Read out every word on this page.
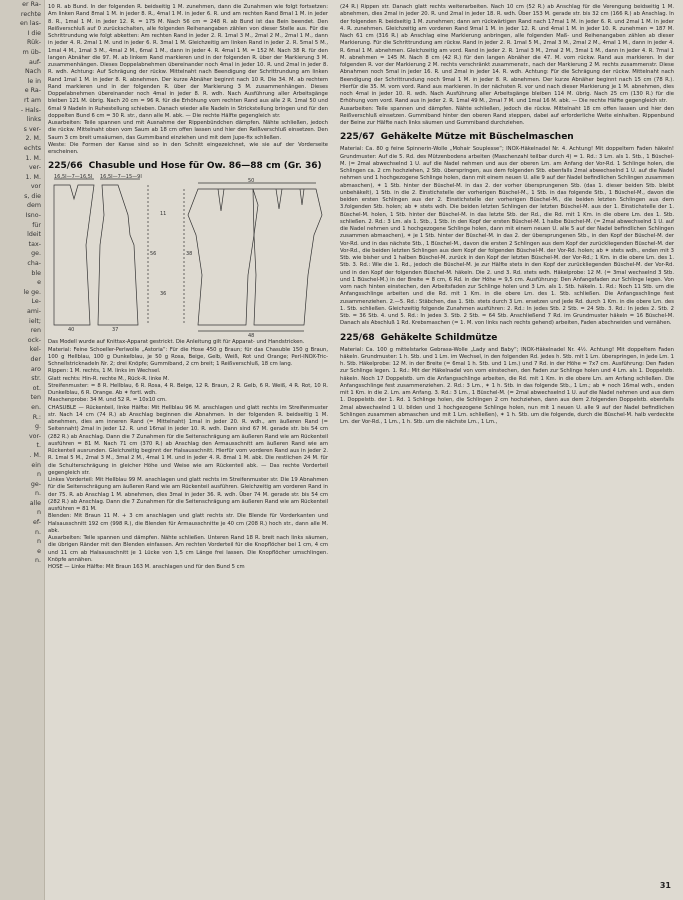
er Ra-
rechte
en las-
I die
Rük-
m üb-
auf-
Nach
le in
e Ra-
rt am
- Hals-
links
s ver-
2. M.
echts
1. M.
ver-
1. M.
vor
s, die
dem
Isno-
für
ldeit
tax-
ge.
cha-
ble
e
le ge.
Le-
ami-
ielt;
ren
ock-
kel-
der
aro
str.
ot.
ten
en.
R.:
g.
vor-
t.
. M.
ein
n
ge-
n.
alle
n
ef-
n.
n
e
n.

10 R. ab Bund. In der folgenden R. beidseitig 1 M. zunehmen, dann die Zunahmen wie folgt fortsetzen: Am linken Rand 8mal 1 M. in jeder 8. R., 4mal 1 M. in jeder 6. R. und am rechten Rand 8mal 1 M. in jeder 8. R., 1mal 1 M. in jeder 12. R. = 175 M. Nach 56 cm = 248 R. ab Bund ist das Bein beendet. Den Reißverschluß auf 0 zurückschalten, alle folgenden Reihenangaben zählen von dieser Stelle aus. Für die Schrittrundung wie folgt abketten: Am rechten Rand in jeder 2. R. 1mal 3 M., 2mal 2 M., 2mal 1 M., dann in jeder 4. R. 2mal 1 M. und in jeder 6. R. 3mal 1 M. Gleichzeitig am linken Rand in jeder 2. R. 5mal 5 M., 1mal 4 M., 1mal 3 M., 4mal 2 M., 6mal 1 M., dann in jeder 4. R. 4mal 1 M. = 152 M. Nach 38 R. für den langen Abnäher die 97. M. ab linkem Rand markieren und in der folgenden R. über der Markierung 3 M. zusammenhängen. Dieses Doppelabnehmen übereinander noch 4mal in jeder 10. R. und 2mal in jeder 8. R. wdh. Achtung: Auf Schrägung der rückw. Mittelnaht nach Beendigung der Schrittrundung am linken Rand 1mal 1 M. in jeder 8. R. abnehmen. Der kurze Abnäher beginnt nach 10 R. Die 34. M. ab rechtem Rand markieren und in der folgenden R. über der Markierung 3 M. zusammenhängen. Dieses Doppelabnehmen übereinander noch 4mal in jeder 8. R. wdh. Nach Ausführung aller Arbeitsgänge bleiben 121 M. übrig. Nach 20 cm = 96 R. für die Erhöhung vom rechten Rand aus alle 2 R. 1mal 50 und 6mal 9 Nadeln in Ruhestellung schieben. Danach wieder alle Nadeln in Strickstellung bringen und für den doppelten Bund 6 cm = 30 R. str., dann alle M. abk. — Die rechte Hälfte gegengleich str.

Ausarbeiten: Teile spannen und mit Ausnahme der Rippenbündchen dämpfen. Nähte schließen, jedoch die rückw. Mittelnaht oben vom Saum ab 18 cm offen lassen und hier den Reißverschluß einsetzen. Den Saum 3 cm breit umsäumen, das Gummiband einziehen und mit dem Jupe-fix schließen.

Weste: Die Formen der Kanse sind so in den Schnitt eingezeichnet, wie sie auf der Vorderseite erscheinen.

225/66 Chasuble und Hose für Ow. 86—88 cm (Gr. 36)
16,5I—7—16,5I 16,5I—7—15—9I
56
48
38
40	37
11
50
36

Das Modell wurde auf Knittax-Apparat gestrickt. Die Anleitung gilt für Apparat- und Handstricken.

Material: Feine Schoeller-Perlwolle „Astoria“: Für die Hose 450 g Braun; für das Chasuble 150 g Braun, 100 g Hellblau, 100 g Dunkelblau, je 50 g Rosa, Beige, Gelb, Weiß, Rot und Orange; Perl-INOX-Tric-Schnellstricknadeln Nr. 2; drei Knöpfe; Gummiband, 2 cm breit; 1 Reißverschluß, 18 cm lang.

Rippen: 1 M. rechts, 1 M. links im Wechsel.

Glatt rechts: Hin-R. rechte M., Rück-R. linke M.

Streifenmuster: = 8 R. Hellblau, 6 R. Rosa, 4 R. Beige, 12 R. Braun, 2 R. Gelb, 6 R. Weiß, 4 R. Rot, 10 R. Dunkelblau, 6 R. Orange. Ab ✶ fortl. wdh.

Maschenprobe: 34 M. und 52 R. = 10x10 cm.

CHASUBLE — Rückenteil, linke Hälfte: Mit Hellblau 96 M. anschlagen und glatt rechts im Streifenmuster str. Nach 14 cm (74 R.) ab Anschlag beginnen die Abnahmen. In der folgenden R. beidseitig 1 M. abnehmen, dies am inneren Rand (= Mittelnaht) 1mal in jeder 20. R. wdh., am äußeren Rand (= Seitennaht) 2mal in jeder 12. R. und 16mal in jeder 10. R. wdh. Dann sind 67 M. gerade str. bis 54 cm (282 R.) ab Anschlag. Dann die 7 Zunahmen für die Seitenschrägung am äußeren Rand wie am Rückenteil ausführen = 81 M. Nach 71 cm (370 R.) ab Anschlag den Armausschnitt am äußeren Rand wie am Rückenteil ausrunden. Gleichzeitig beginnt der Halsausschnitt. Hierfür vom vorderen Rand aus in jeder 2. R. 1mal 5 M., 2mal 3 M., 3mal 2 M., 4mal 1 M. und in jeder 4. R. 8mal 1 M. abk. Die restlichen 24 M. für die Schulterschrägung in gleicher Höhe und Weise wie am Rückenteil abk. — Das rechte Vorderteil gegengleich str.

Linkes Vorderteil: Mit Hellblau 99 M. anschlagen und glatt rechts im Streifenmuster str. Die 19 Abnahmen für die Seitenschrägung am äußeren Rand wie am Rückenteil ausführen. Gleichzeitig am vorderen Rand in der 75. R. ab Anschlag 1 M. abnehmen, dies 3mal in jeder 36. R. wdh. Über 74 M. gerade str. bis 54 cm (282 R.) ab Anschlag. Dann die 7 Zunahmen für die Seitenschrägung am äußeren Rand wie am Rückenteil ausführen = 81 M.

Blenden: Mit Braun 11 M. + 3 cm anschlagen und glatt rechts str. Die Blende für Vorderkanten und Halsausschnitt 192 cm (998 R.), die Blenden für Armausschnitte je 40 cm (208 R.) hoch str., dann alle M. abk.

Ausarbeiten: Teile spannen und dämpfen. Nähte schließen. Unteren Rand 18 R. breit nach links säumen, die übrigen Ränder mit den Blenden einfassen. Am rechten Vorderteil für die Knopflöcher bei 1 cm, 4 cm und 11 cm ab Halsausschnitt je 1 Lücke von 1,5 cm Länge frei lassen. Die Knopflöcher umschlingen. Knöpfe annähen.

HOSE — Linke Hälfte: Mit Braun 163 M. anschlagen und für den Bund 5 cm

(24 R.) Rippen str. Danach glatt rechts weiterarbeiten. Nach 10 cm (52 R.) ab Anschlag für die Verengung beidseitig 1 M. abnehmen, dies 2mal in jeder 20. R. und 2mal in jeder 18. R. wdh. Über 153 M. gerade str. bis 32 cm (166 R.) ab Anschlag. In der folgenden R. beidseitig 1 M. zunehmen; dann am rückwärtigen Rand nach 17mal 1 M. in jeder 6. R. und 2mal 1 M. in jeder 4. R. zunehmen. Gleichzeitig am vorderen Rand 9mal 1 M. in jeder 12. R. und 4mal 1 M. in jeder 10. R. zunehmen = 187 M. Nach 61 cm (316 R.) ab Anschlag eine Markierung anbringen, alle folgenden Maß- und Reihenangaben zählen ab dieser Markierung. Für die Schrittrundung am rückw. Rand in jeder 2. R. 1mal 5 M., 2mal 3 M., 2mal 2 M., 4mal 1 M., dann in jeder 4. R. 6mal 1 M. abnehmen. Gleichzeitig am vord. Rand in jeder 2. R. 1mal 3 M., 2mal 2 M., 3mal 1 M., dann in jeder 4. R. 7mal 1 M. abnehmen = 145 M. Nach 8 cm (42 R.) für den langen Abnäher die 47. M. vom rückw. Rand aus markieren. In der folgenden R. vor der Markierung 2 M. rechts verschränkt zusammenstr., nach der Markierung 2 M. rechts zusammenstr. Diese Abnahmen noch 5mal in jeder 16. R. und 2mal in jeder 14. R. wdh. Achtung: Für die Schrägung der rückw. Mittelnaht nach Beendigung der Schrittrundung noch 9mal 1 M. in jeder 8. R. abnehmen. Der kurze Abnäher beginnt nach 15 cm (78 R.). Hierfür die 35. M. vom vord. Rand aus markieren. In der nächsten R. vor und nach dieser Markierung je 1 M. abnehmen, dies noch 4mal in jeder 10. R. wdh. Nach Ausführung aller Arbeitsgänge bleiben 114 M. übrig. Nach 25 cm (130 R.) für die Erhöhung vom vord. Rand aus in jeder 2. R. 1mal 49 M., 2mal 7 M. und 1mal 16 M. abk. — Die rechte Hälfte gegengleich str.

Ausarbeiten: Teile spannen und dämpfen. Nähte schließen, jedoch die rückw. Mittelnaht 18 cm offen lassen und hier den Reißverschluß einsetzen. Gummiband hinter den oberen Rand steppen, dabei auf erforderliche Weite einhalten. Rippenbund der Beine zur Hälfte nach links säumen und Gummiband durchziehen.

225/67 Gehäkelte Mütze mit Büschelmaschen

Material: Ca. 80 g feine Spinnerin-Wolle „Mohair Souplesse“; INOX-Häkelnadel Nr. 4. Achtung! Mit doppeltem Faden häkeln! Grundmuster: Auf die 5. Rd. des Mützenbodens arbeiten (Maschenzahl teilbar durch 4) = 1. Rd.: 3 Lm. als 1. Stb., 1 Büschel-M. (= 2mal abwechselnd 1 U. auf die Nadel nehmen und aus der oberen Lm. am Anfang der Vor-Rd. 1 Schlinge holen, die Schlingen ca. 2 cm hochziehen, 2 Stb. überspringen, aus dem folgenden Stb. ebenfalls 2mal abwechselnd 1 U. auf die Nadel nehmen und 1 hochgezogene Schlinge holen, dann mit einem neuen U. alle 9 auf der Nadel befindlichen Schlingen zusammen abmaschen), ✶ 1 Stb. hinter der Büschel-M. in das 2. der vorher übersprungenen Stb. (das 1. dieser beiden Stb. bleibt unbehäkelt), 1 Stb. in die 2. Einstichstelle der vorherigen Büschel-M., 1 Stb. in das folgende Stb., 1 Büschel-M., davon die beiden ersten Schlingen aus der 2. Einstichstelle der vorherigen Büschel-M., die beiden letzten Schlingen aus dem 3.folgenden Stb. holen; ab ✶ stets wdh. Die beiden letzten Schlingen der letzten Büschel-M. aus der 1. Einstichstelle der 1. Büschel-M. holen, 1 Stb. hinter der Büschel-M. in das letzte Stb. der Rd., die Rd. mit 1 Km. in die obere Lm. des 1. Stb. schließen. 2. Rd.: 3 Lm. als 1. Stb., 1 Stb. in den Kopf der ersten Büschel-M. 1 halbe Büschel-M. (= 2mal abwechselnd 1 U. auf die Nadel nehmen und 1 hochgezogene Schlinge holen, dann mit einem neuen U. alle 5 auf der Nadel befindlichen Schlingen zusammen abmaschen), ✶ je 1 Stb. hinter der Büschel-M. in das 2. der übersprungenen Stb., in den Kopf der Büschel-M. der Vor-Rd. und in das nächste Stb., 1 Büschel-M., davon die ersten 2 Schlingen aus dem Kopf der zurückliegenden Büschel-M. der Vor-Rd., die beiden letzten Schlingen aus dem Kopf der folgenden Büschel-M. der Vor-Rd. holen; ab ✶ stets wdh., enden mit 3 Stb. wie bisher und 1 halben Büschel-M. zurück in den Kopf der letzten Büschel-M. der Vor-Rd.; 1 Km. in die obere Lm. des 1. Stb. 3. Rd.: Wie die 1. Rd., jedoch die Büschel-M. je zur Hälfte stets in den Kopf der zurückliegenden Büschel-M. der Vor-Rd. und in den Kopf der folgenden Büschel-M. häkeln. Die 2. und 3. Rd. stets wdh. Häkelprobe: 12 M. (= 3mal wechselnd 3 Stb. und 1 Büschel-M.) in der Breite = 8 cm, 6 Rd. in der Höhe = 9,5 cm. Ausführung: Den Anfangsfaden zur Schlinge legen. Von vorn nach hinten einstechen, den Arbeitsfaden zur Schlinge holen und 3 Lm. als 1. Stb. häkeln. 1. Rd.: Noch 11 Stb. um die Anfangsschlinge arbeiten und die Rd. mit 1 Km. in die obere Lm. des 1. Stb. schließen. Die Anfangsschlinge fest zusammenziehen. 2.—5. Rd.: Stäbchen, das 1. Stb. stets durch 3 Lm. ersetzen und jede Rd. durch 1 Km. in die obere Lm. des 1. Stb. schließen. Gleichzeitig folgende Zunahmen ausführen: 2. Rd.: In jedes Stb. 2 Stb. = 24 Stb. 3. Rd.: In jedes 2. Stb. 2 Stb. = 36 Stb. 4. und 5. Rd.: In jedes 3. Stb. 2 Stb. = 64 Stb. Anschließend 7 Rd. im Grundmuster häkeln = 16 Büschel-M. Danach als Abschluß 1 Rd. Krebsmaschen (= 1. M. von links nach rechts gehend) arbeiten, Faden abschneiden und vernähen.

225/68 Gehäkelte Schildmütze

Material: Ca. 100 g mittelstarke Gebrasa-Wolle „Lady and Baby“; INOX-Häkelnadel Nr. 4½. Achtung! Mit doppeltem Faden häkeln. Grundmuster: 1 h. Stb. und 1 Lm. im Wechsel, in den folgenden Rd. jedes h. Stb. mit 1 Lm. überspringen, in jede Lm. 1 h. Stb. Häkelprobe: 12 M. in der Breite (= 6mal 1 h. Stb. und 1 Lm.) und 7 Rd. in der Höhe = 7x7 cm. Ausführung: Den Faden zur Schlinge legen. 1. Rd.: Mit der Häkelnadel von vorn einstechen, den Faden zur Schlinge holen und 4 Lm. als 1. Doppelstb. häkeln. Noch 17 Doppelstb. um die Anfangsschlinge arbeiten, die Rd. mit 1 Km. in die obere Lm. am Anfang schließen. Die Anfangsschlinge fest zusammenziehen. 2. Rd.: 3 Lm., ✶ 1 h. Stb. in das folgende Stb., 1 Lm.; ab ✶ noch 16mal wdh., enden mit 1 Km. in die 2. Lm. am Anfang. 3. Rd.: 3 Lm., 1 Büschel-M. (= 2mal abwechselnd 1 U. auf die Nadel nehmen und aus dem 1. Doppelstb. der 1. Rd. 1 Schlinge holen, die Schlingen 2 cm hochziehen, dann aus dem 2.folgenden Doppelstb. ebenfalls 2mal abwechselnd 1 U. bilden und 1 hochgezogene Schlinge holen, nun mit 1 neuen U. alle 9 auf der Nadel befindlichen Schlingen zusammen abmaschen und mit 1 Lm. schließen), ✶ 1 h. Stb. um die folgende, durch die Büschel-M. halb verdeckte Lm. der Vor-Rd., 1 Lm., 1 h. Stb. um die nächste Lm., 1 Lm.,

31
